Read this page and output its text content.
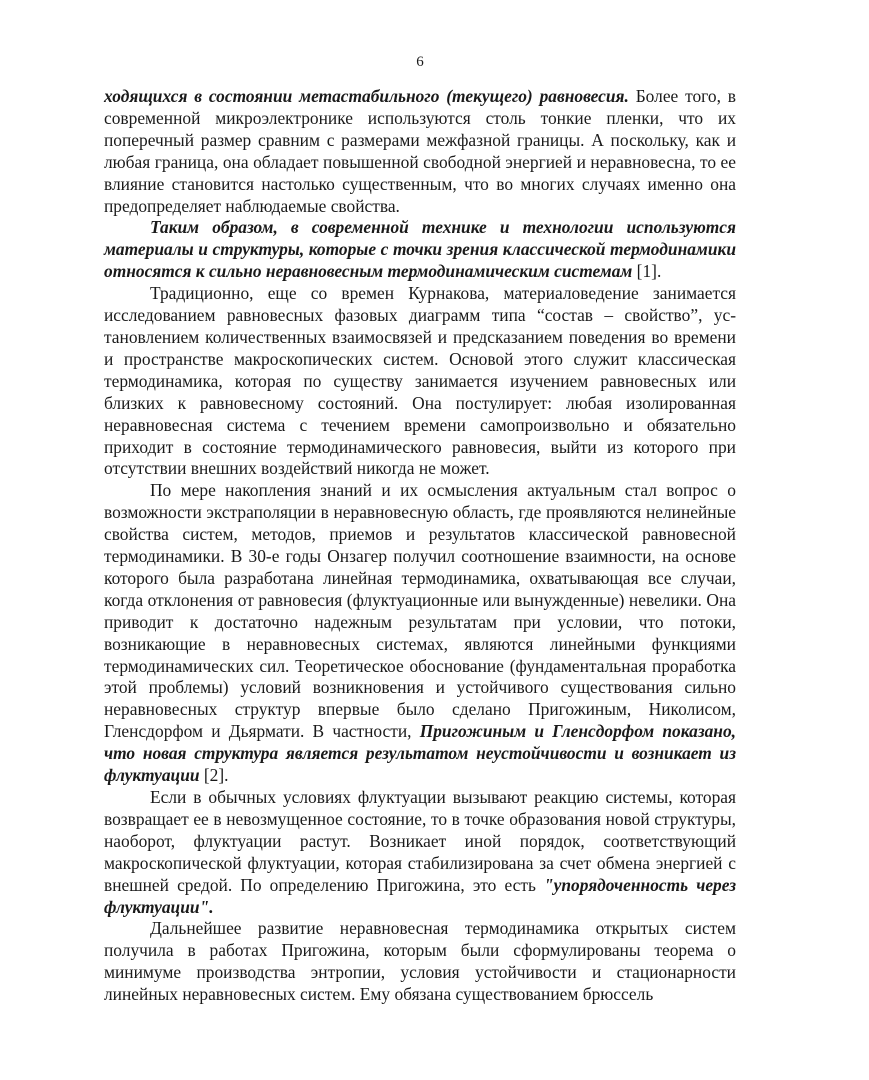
6

ходящихся в состоянии метастабильного (текущего) равновесия. Более того, в современной микроэлектронике используются столь тонкие пленки, что их поперечный размер сравним с размерами межфазной границы. А поскольку, как и любая граница, она обладает повышенной свободной энергией и неравновесна, то ее влияние становится настолько существенным, что во многих случаях именно она предопределяет наблюдаемые свойства.

Таким образом, в современной технике и технологии используются материалы и структуры, которые с точки зрения классической термодинамики относятся к сильно неравновесным термодинамическим системам [1].

Традиционно, еще со времен Курнакова, материаловедение занимается исследованием равновесных фазовых диаграмм типа “состав – свойство”, установлением количественных взаимосвязей и предсказанием поведения во времени и пространстве макроскопических систем. Основой этого служит классическая термодинамика, которая по существу занимается изучением равновесных или близких к равновесному состояний. Она постулирует: любая изолированная неравновесная система с течением времени самопроизвольно и обязательно приходит в состояние термодинамического равновесия, выйти из которого при отсутствии внешних воздействий никогда не может.

По мере накопления знаний и их осмысления актуальным стал вопрос о возможности экстраполяции в неравновесную область, где проявляются нелинейные свойства систем, методов, приемов и результатов классической равновесной термодинамики. В 30-е годы Онзагер получил соотношение взаимности, на основе которого была разработана линейная термодинамика, охватывающая все случаи, когда отклонения от равновесия (флуктуационные или вынужденные) невелики. Она приводит к достаточно надежным результатам при условии, что потоки, возникающие в неравновесных системах, являются линейными функциями термодинамических сил. Теоретическое обоснование (фундаментальная проработка этой проблемы) условий возникновения и устойчивого существования сильно неравновесных структур впервые было сделано Пригожиным, Николисом, Гленсдорфом и Дьярмати. В частности, Пригожиным и Гленсдорфом показано, что новая структура является результатом неустойчивости и возникает из флуктуации [2].

Если в обычных условиях флуктуации вызывают реакцию системы, которая возвращает ее в невозмущенное состояние, то в точке образования новой структуры, наоборот, флуктуации растут. Возникает иной порядок, соответствующий макроскопической флуктуации, которая стабилизирована за счет обмена энергией с внешней средой. По определению Пригожина, это есть "упорядоченность через флуктуации".

Дальнейшее развитие неравновесная термодинамика открытых систем получила в работах Пригожина, которым были сформулированы теорема о минимуме производства энтропии, условия устойчивости и стационарности линейных неравновесных систем. Ему обязана существованием брюссель
